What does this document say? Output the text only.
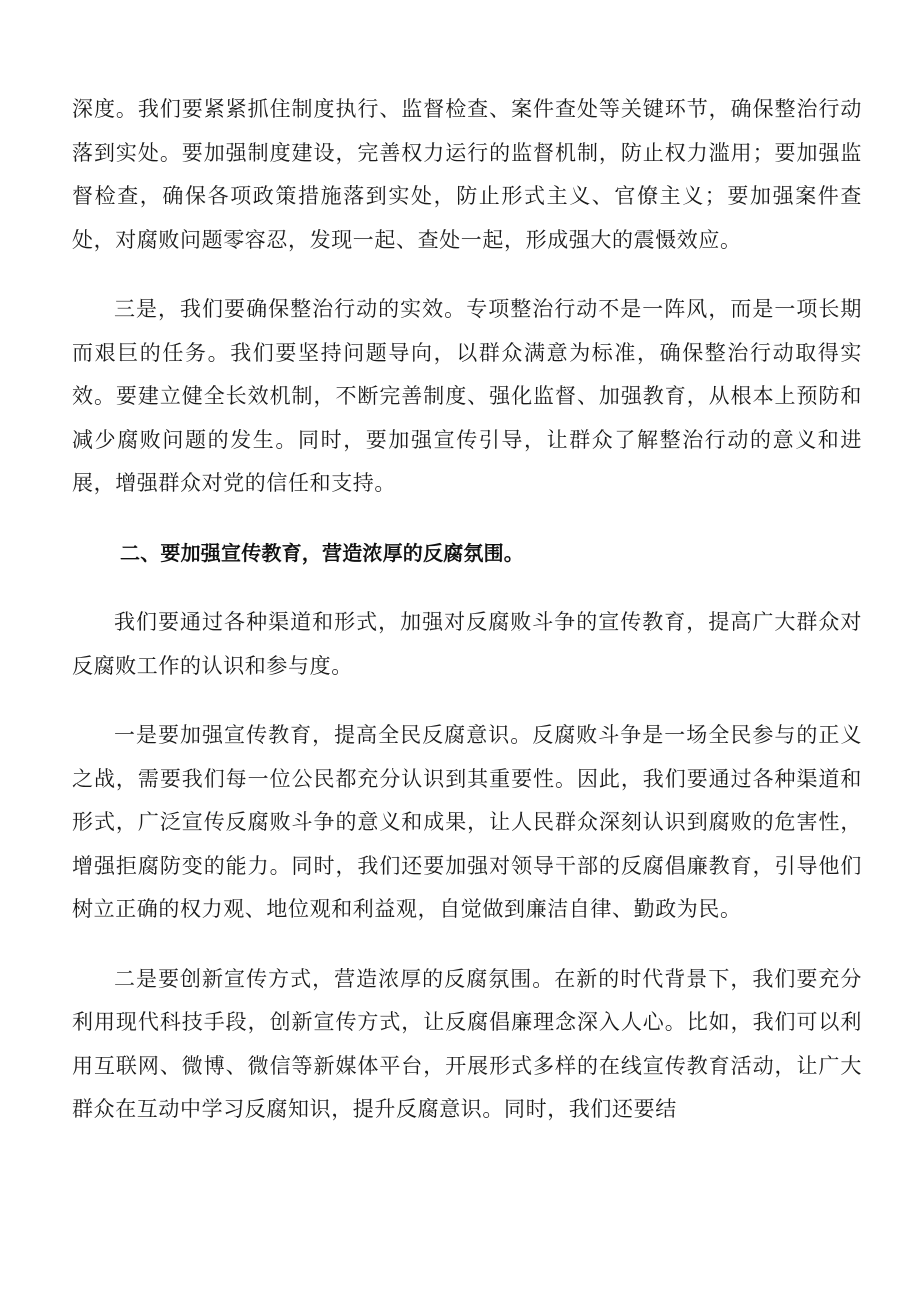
深度。我们要紧紧抓住制度执行、监督检查、案件查处等关键环节，确保整治行动落到实处。要加强制度建设，完善权力运行的监督机制，防止权力滥用；要加强监督检查，确保各项政策措施落到实处，防止形式主义、官僚主义；要加强案件查处，对腐败问题零容忍，发现一起、查处一起，形成强大的震慑效应。

三是，我们要确保整治行动的实效。专项整治行动不是一阵风，而是一项长期而艰巨的任务。我们要坚持问题导向，以群众满意为标准，确保整治行动取得实效。要建立健全长效机制，不断完善制度、强化监督、加强教育，从根本上预防和减少腐败问题的发生。同时，要加强宣传引导，让群众了解整治行动的意义和进展，增强群众对党的信任和支持。

二、要加强宣传教育，营造浓厚的反腐氛围。

我们要通过各种渠道和形式，加强对反腐败斗争的宣传教育，提高广大群众对反腐败工作的认识和参与度。

一是要加强宣传教育，提高全民反腐意识。反腐败斗争是一场全民参与的正义之战，需要我们每一位公民都充分认识到其重要性。因此，我们要通过各种渠道和形式，广泛宣传反腐败斗争的意义和成果，让人民群众深刻认识到腐败的危害性，增强拒腐防变的能力。同时，我们还要加强对领导干部的反腐倡廉教育，引导他们树立正确的权力观、地位观和利益观，自觉做到廉洁自律、勤政为民。

二是要创新宣传方式，营造浓厚的反腐氛围。在新的时代背景下，我们要充分利用现代科技手段，创新宣传方式，让反腐倡廉理念深入人心。比如，我们可以利用互联网、微博、微信等新媒体平台，开展形式多样的在线宣传教育活动，让广大群众在互动中学习反腐知识，提升反腐意识。同时，我们还要结
